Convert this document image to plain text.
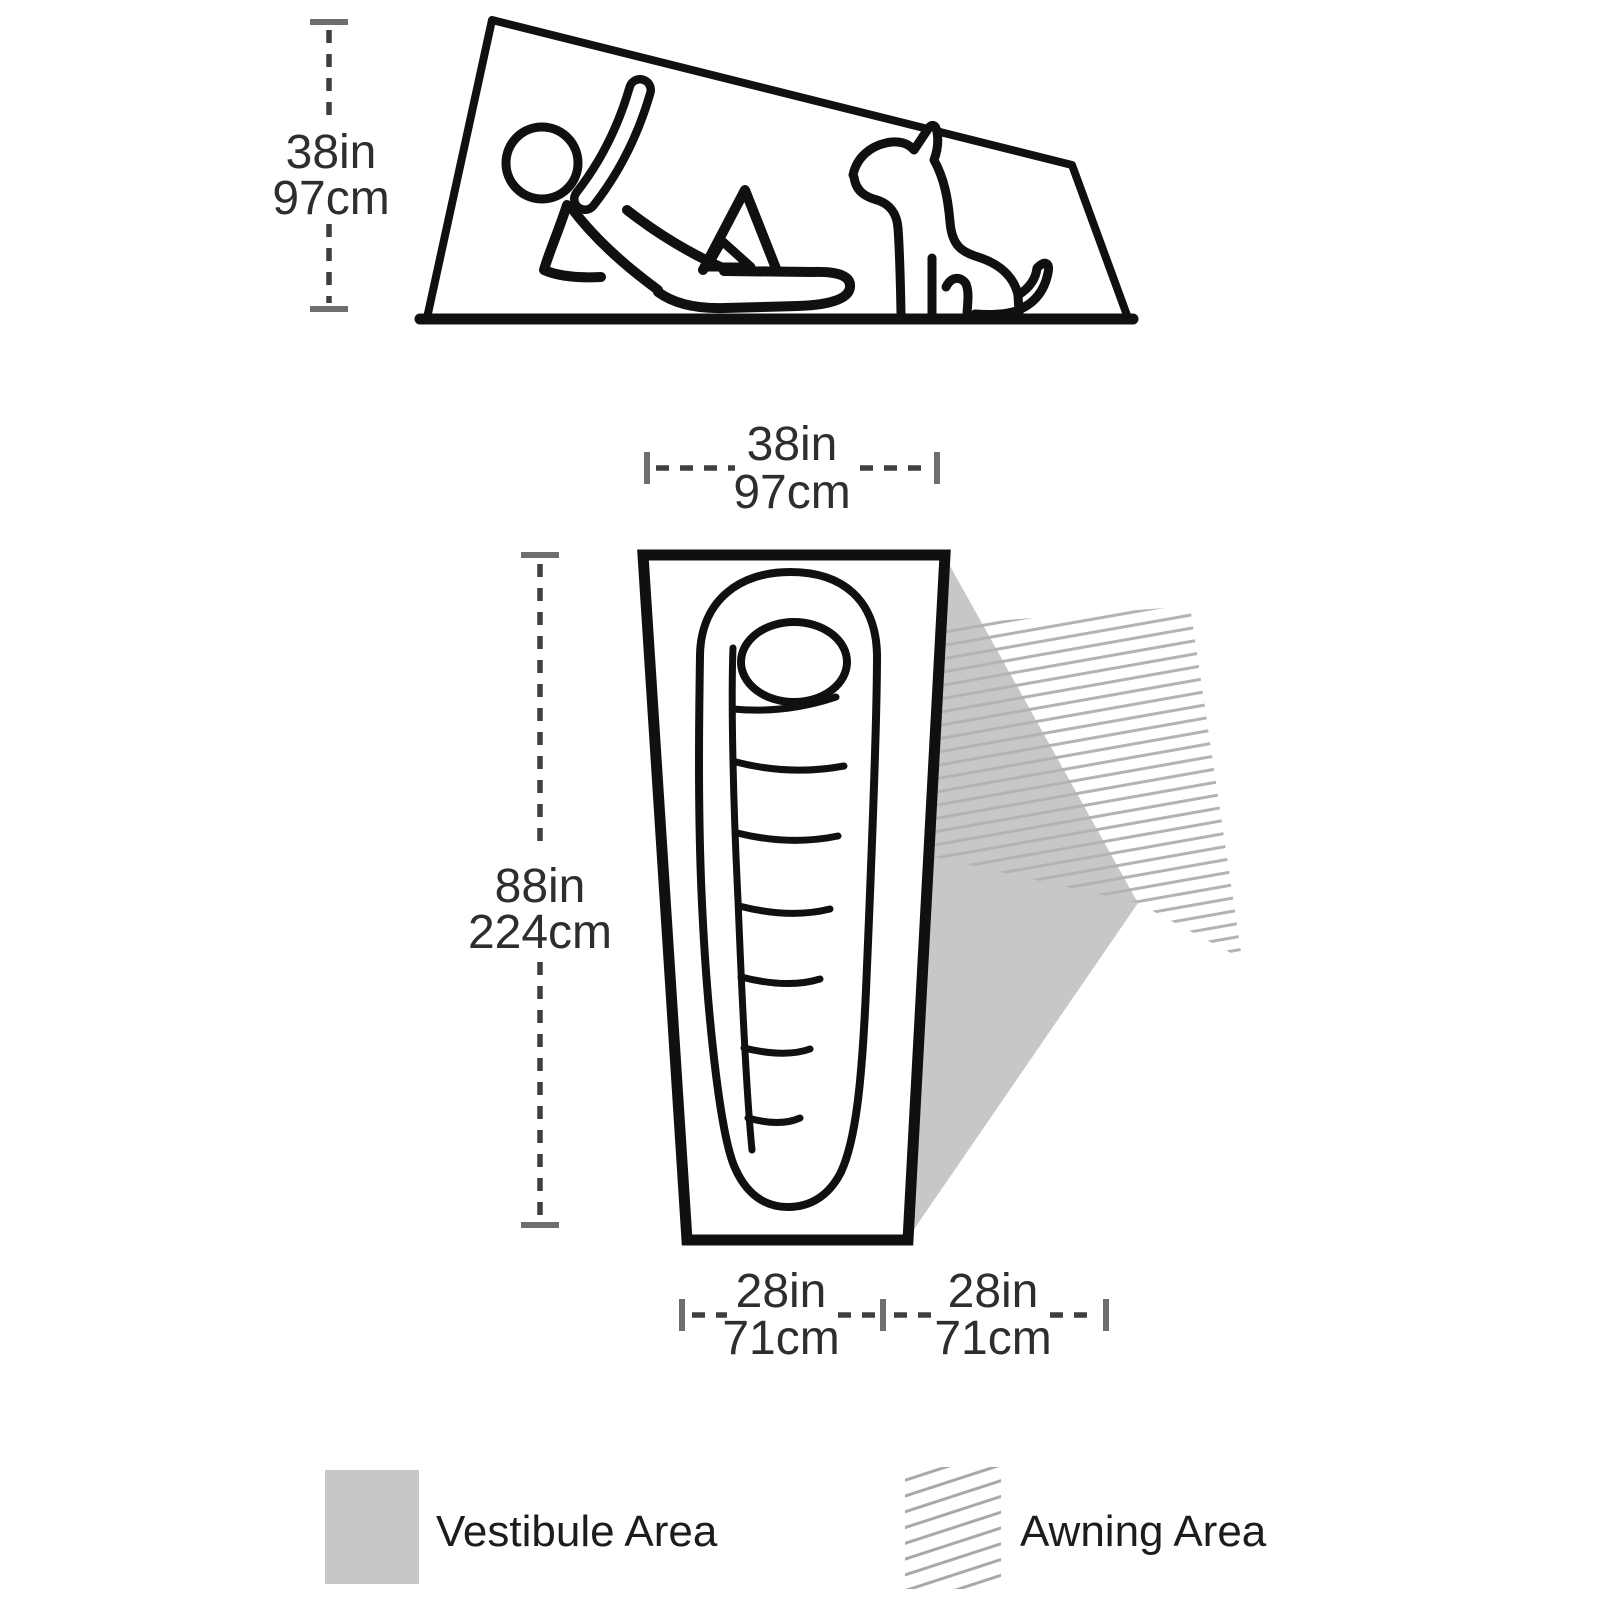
38in
97cm
38in
97cm
88in
224cm
28in
71cm
28in
71cm
Vestibule Area	Awning Area
